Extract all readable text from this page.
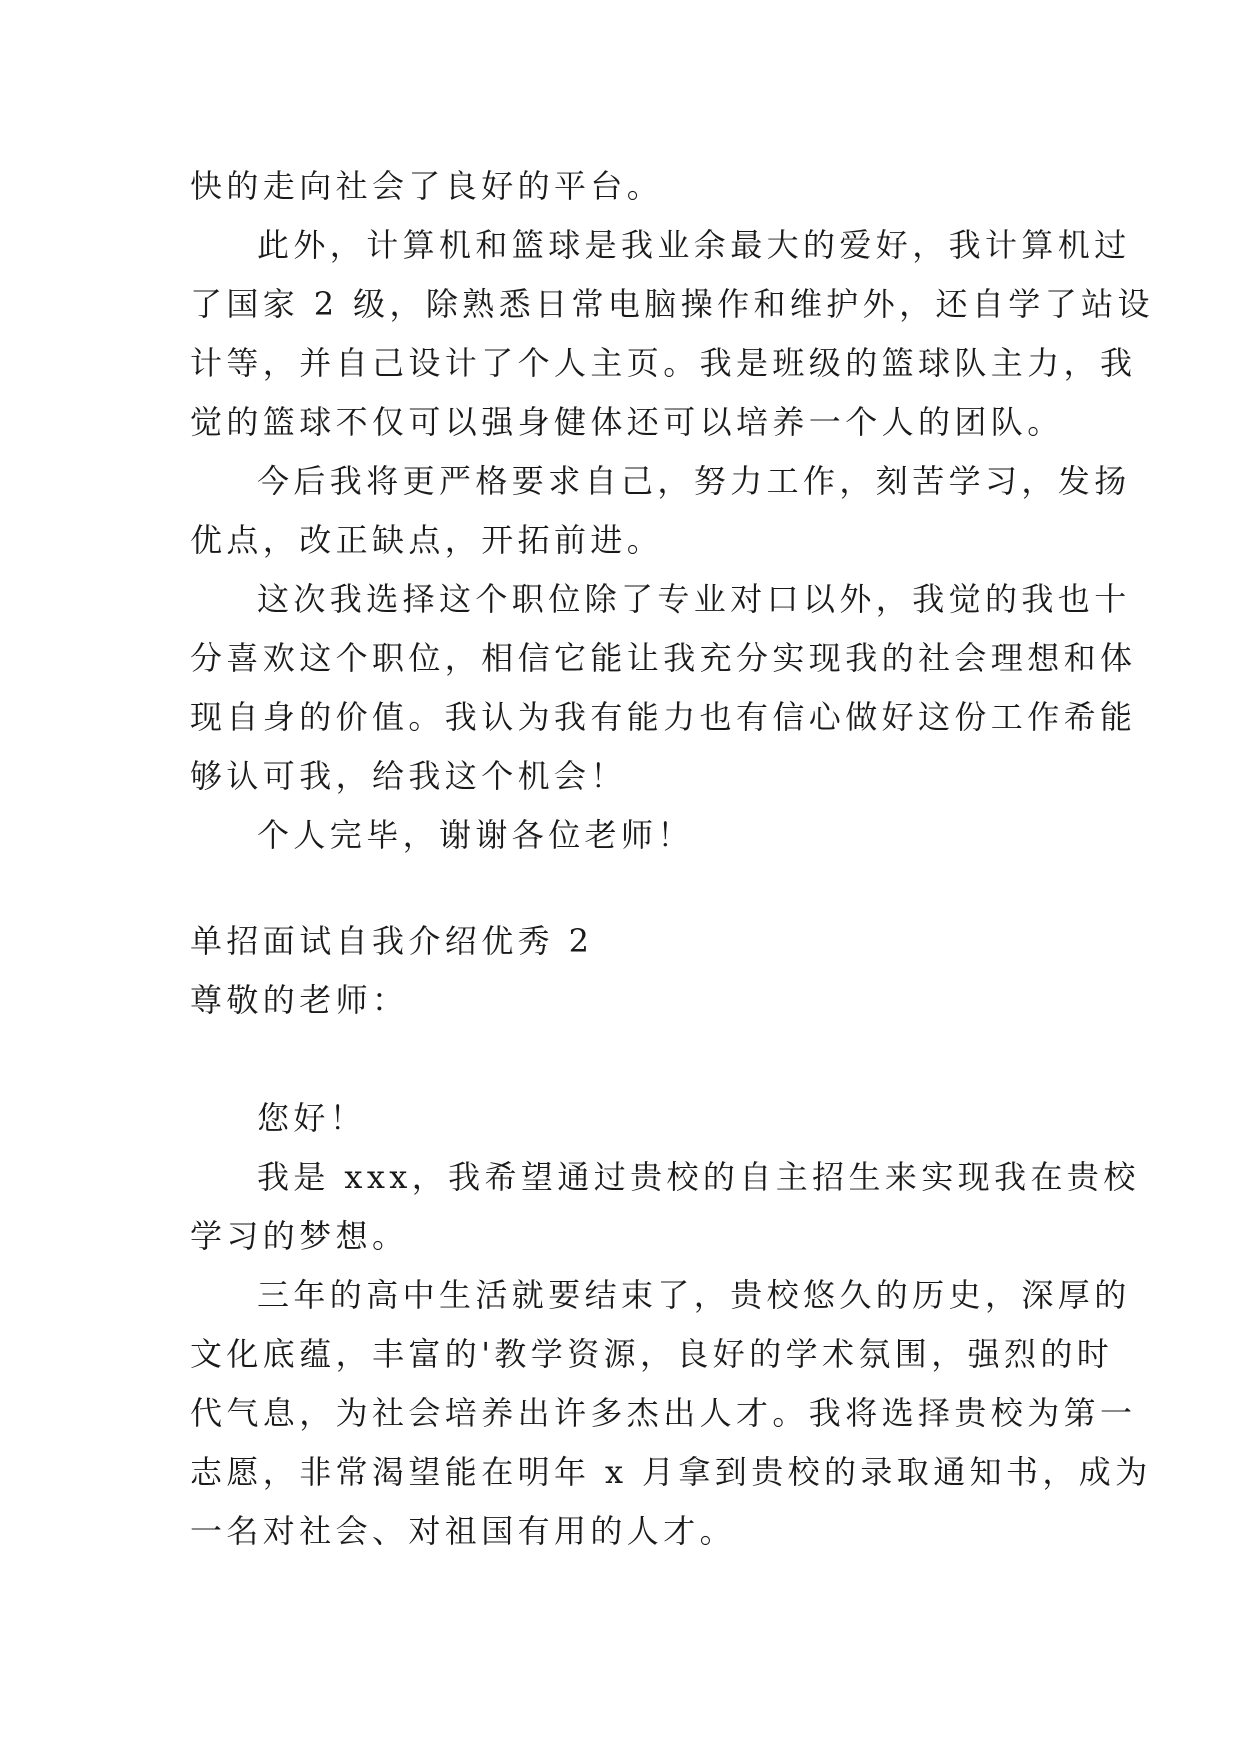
快的走向社会了良好的平台。
此外，计算机和篮球是我业余最大的爱好，我计算机过
了国家 2 级，除熟悉日常电脑操作和维护外，还自学了站设
计等，并自己设计了个人主页。我是班级的篮球队主力，我
觉的篮球不仅可以强身健体还可以培养一个人的团队。
今后我将更严格要求自己，努力工作，刻苦学习，发扬
优点，改正缺点，开拓前进。
这次我选择这个职位除了专业对口以外，我觉的我也十
分喜欢这个职位，相信它能让我充分实现我的社会理想和体
现自身的价值。我认为我有能力也有信心做好这份工作希能
够认可我，给我这个机会！
个人完毕，谢谢各位老师！
单招面试自我介绍优秀 2
尊敬的老师：
您好！
我是 xxx，我希望通过贵校的自主招生来实现我在贵校
学习的梦想。
三年的高中生活就要结束了，贵校悠久的历史，深厚的
文化底蕴，丰富的'教学资源，良好的学术氛围，强烈的时
代气息，为社会培养出许多杰出人才。我将选择贵校为第一
志愿，非常渴望能在明年 x 月拿到贵校的录取通知书，成为
一名对社会、对祖国有用的人才。
